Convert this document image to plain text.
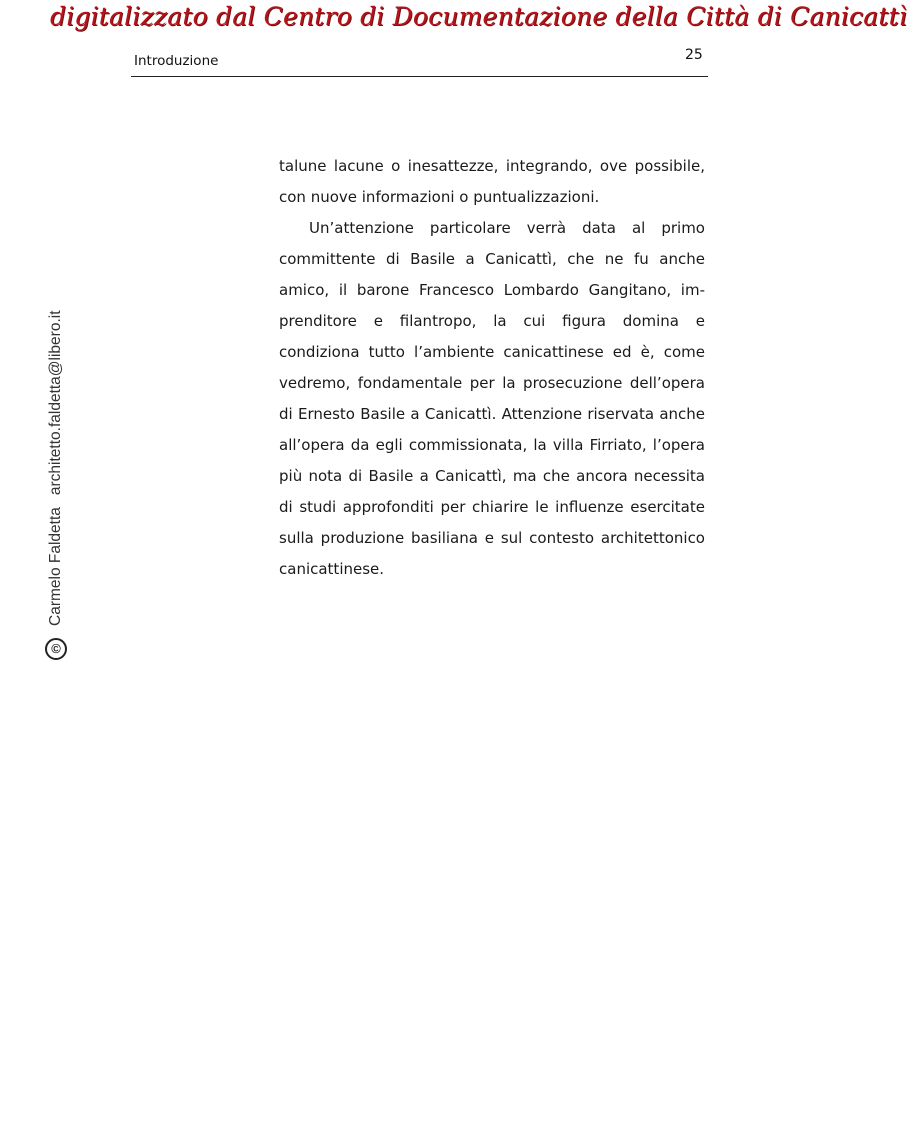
digitalizzato dal Centro di Documentazione della Città di Canicattì
Introduzione	25
©
Carmelo Faldetta
architetto.faldetta@libero.it

talune lacune o inesattezze, integrando, ove possibile, con nuove informazioni o puntualizzazioni.

Un’attenzione particolare verrà data al primo committente di Basile a Canicattì, che ne fu anche amico, il barone Francesco Lombardo Gangitano, imprenditore e filantropo, la cui figura domina e condiziona tutto l’ambiente canicattinese ed è, come vedremo, fondamentale per la prosecuzione dell’opera di Ernesto Basile a Canicattì. Attenzione riservata anche all’opera da egli commissionata, la villa Firriato, l’opera più nota di Basile a Canicattì, ma che ancora necessita di studi approfonditi per chiarire le influenze esercitate sulla produzione basiliana e sul contesto architettonico canicattinese.
